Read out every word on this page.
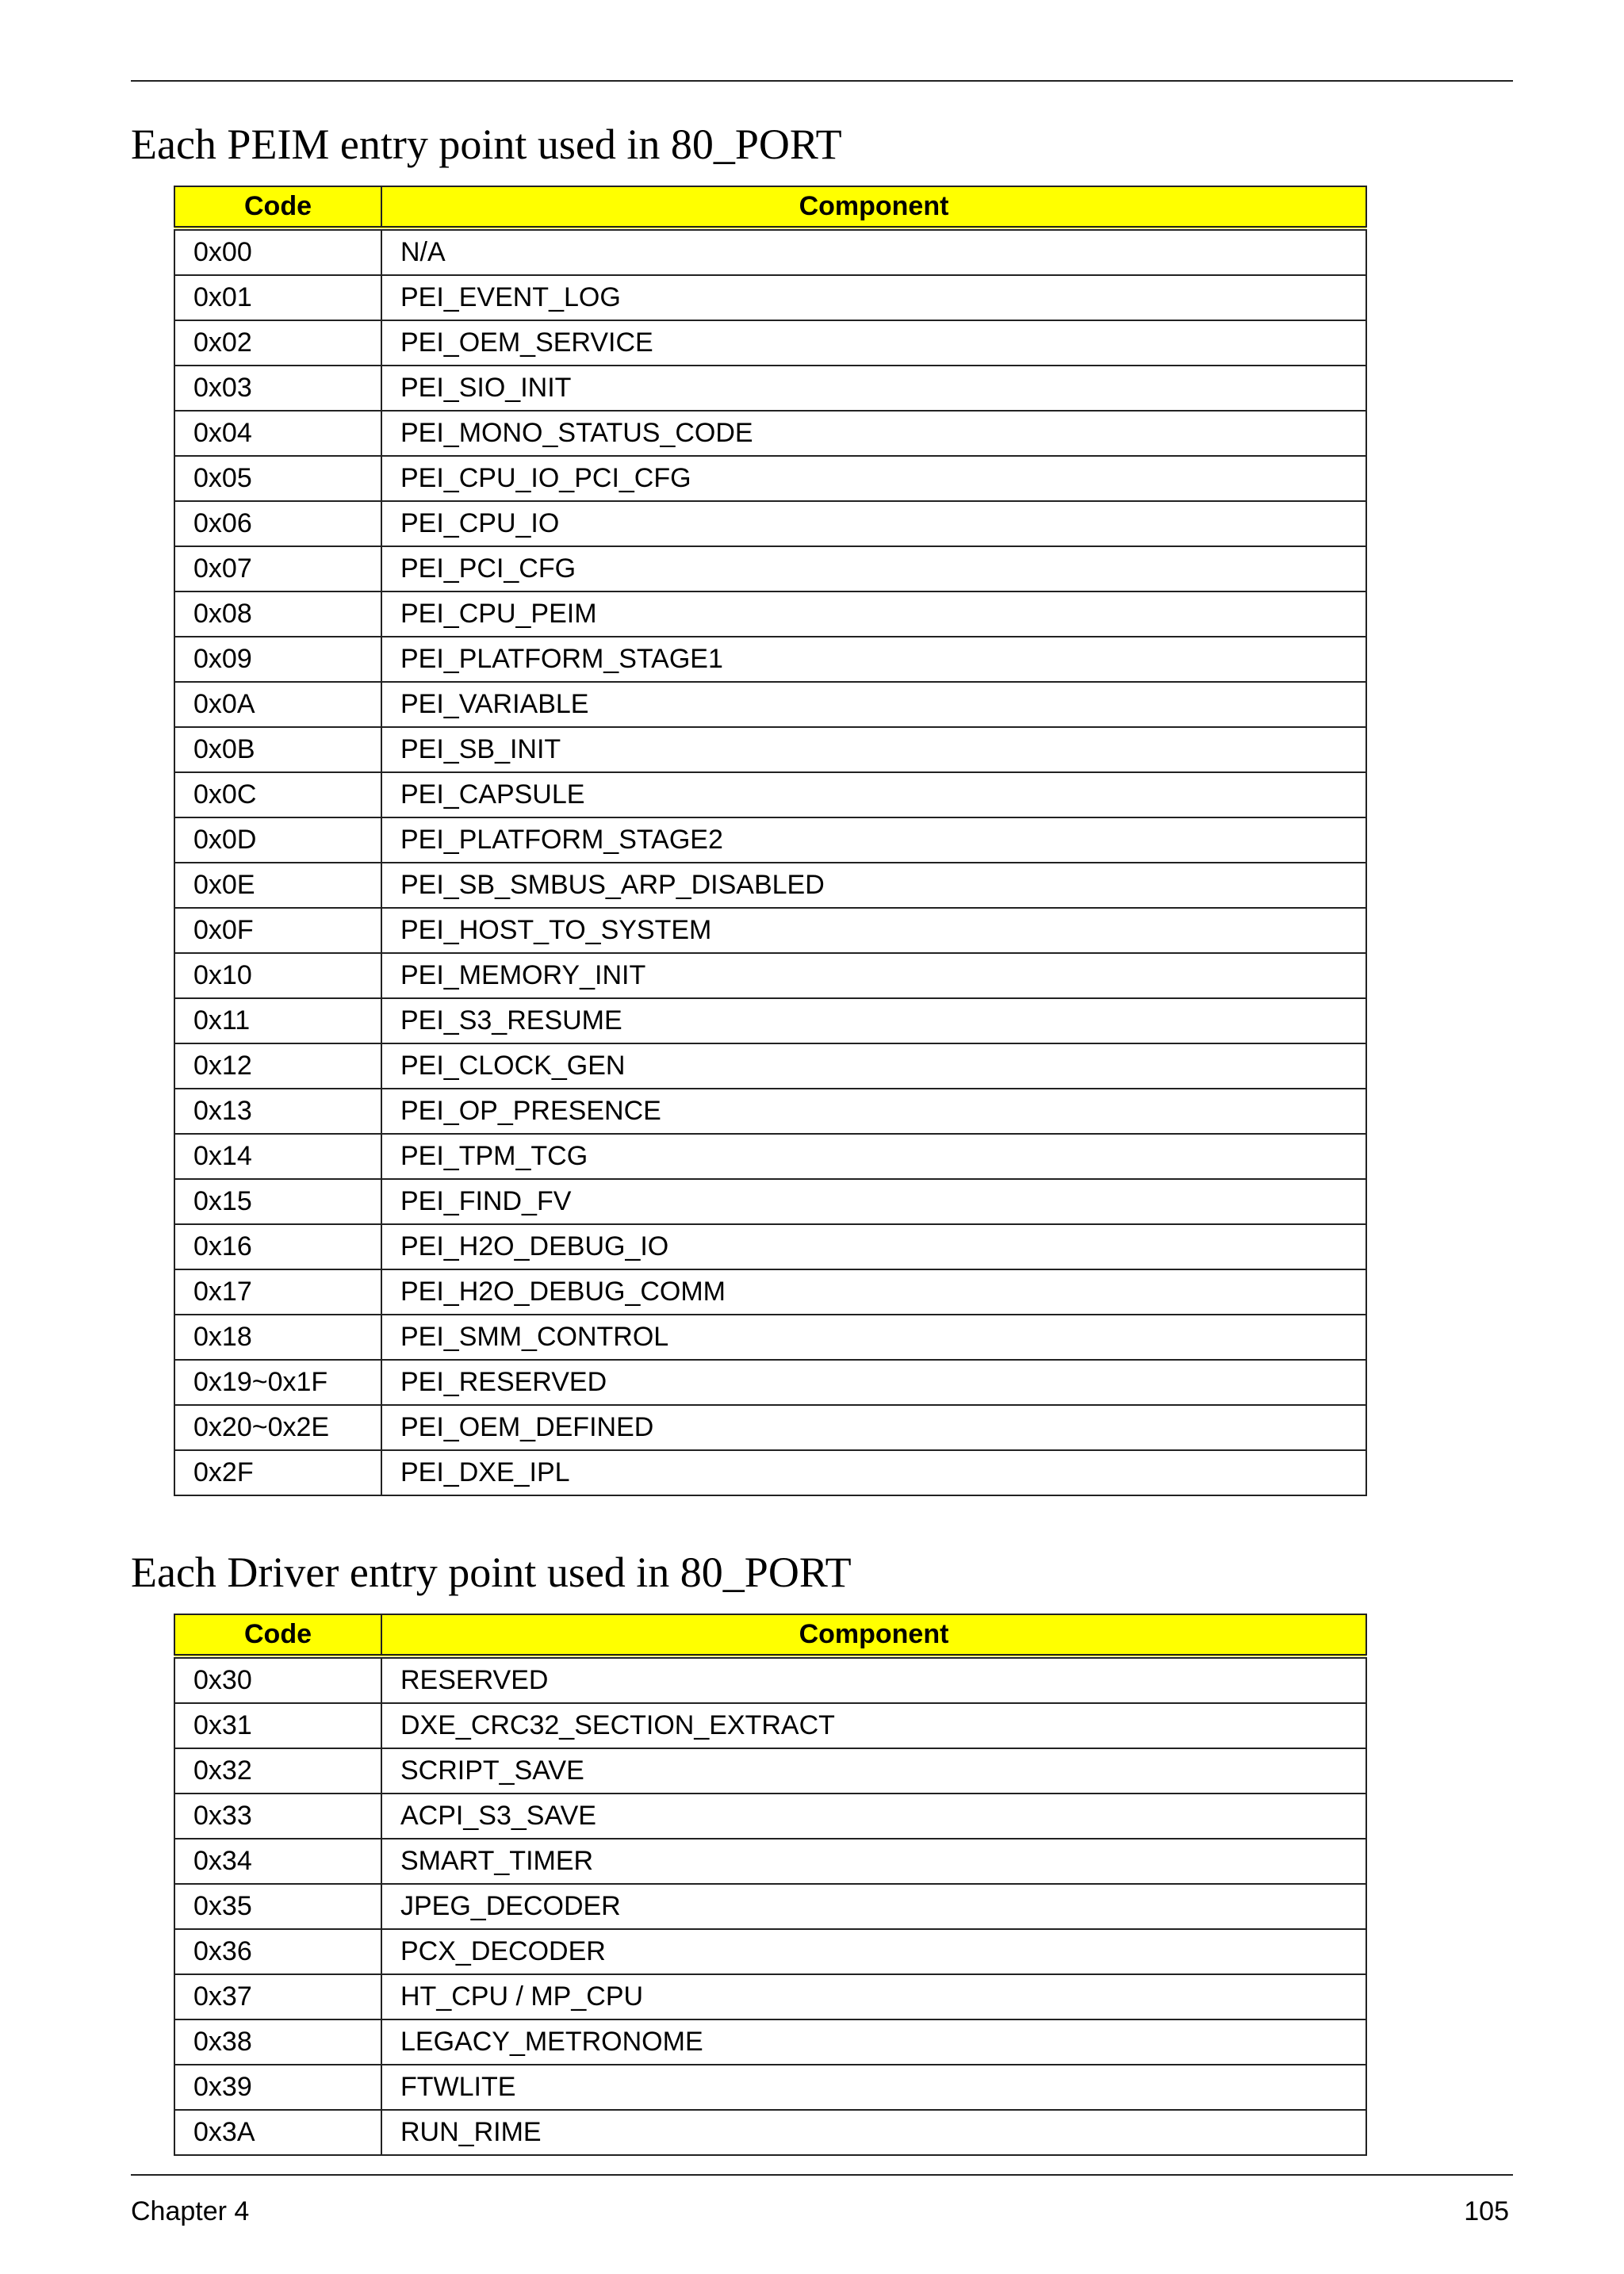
Each PEIM entry point used in 80_PORT
Code	Component
0x00	N/A
0x01	PEI_EVENT_LOG
0x02	PEI_OEM_SERVICE
0x03	PEI_SIO_INIT
0x04	PEI_MONO_STATUS_CODE
0x05	PEI_CPU_IO_PCI_CFG
0x06	PEI_CPU_IO
0x07	PEI_PCI_CFG
0x08	PEI_CPU_PEIM
0x09	PEI_PLATFORM_STAGE1
0x0A	PEI_VARIABLE
0x0B	PEI_SB_INIT
0x0C	PEI_CAPSULE
0x0D	PEI_PLATFORM_STAGE2
0x0E	PEI_SB_SMBUS_ARP_DISABLED
0x0F	PEI_HOST_TO_SYSTEM
0x10	PEI_MEMORY_INIT
0x11	PEI_S3_RESUME
0x12	PEI_CLOCK_GEN
0x13	PEI_OP_PRESENCE
0x14	PEI_TPM_TCG
0x15	PEI_FIND_FV
0x16	PEI_H2O_DEBUG_IO
0x17	PEI_H2O_DEBUG_COMM
0x18	PEI_SMM_CONTROL
0x19~0x1F	PEI_RESERVED
0x20~0x2E	PEI_OEM_DEFINED
0x2F	PEI_DXE_IPL
Each Driver entry point used in 80_PORT
Code	Component
0x30	RESERVED
0x31	DXE_CRC32_SECTION_EXTRACT
0x32	SCRIPT_SAVE
0x33	ACPI_S3_SAVE
0x34	SMART_TIMER
0x35	JPEG_DECODER
0x36	PCX_DECODER
0x37	HT_CPU / MP_CPU
0x38	LEGACY_METRONOME
0x39	FTWLITE
0x3A	RUN_RIME
Chapter 4	105
